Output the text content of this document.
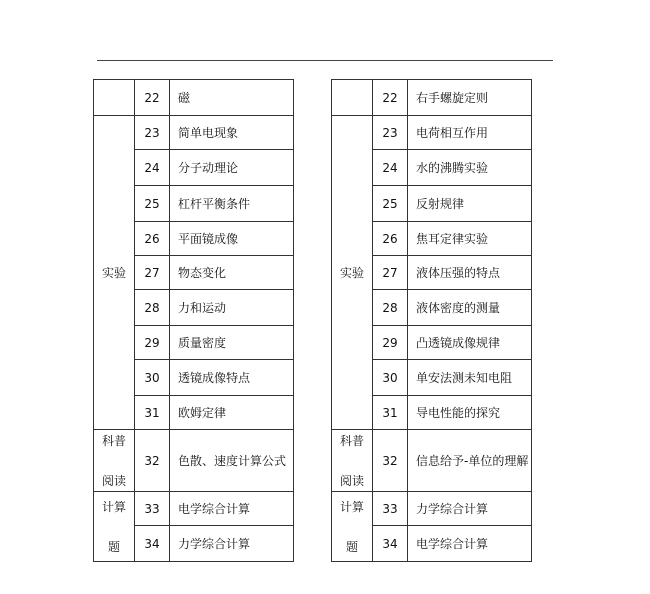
	22	磁
实验	23	简单电现象
	24	分子动理论
	25	杠杆平衡条件
	26	平面镜成像
	27	物态变化
	28	力和运动
	29	质量密度
	30	透镜成像特点
	31	欧姆定律
科普

阅读	32	色散、速度计算公式
计算

题	33	电学综合计算
	34	力学综合计算
	22	右手螺旋定则
实验	23	电荷相互作用
	24	水的沸腾实验
	25	反射规律
	26	焦耳定律实验
	27	液体压强的特点
	28	液体密度的测量
	29	凸透镜成像规律
	30	单安法测未知电阻
	31	导电性能的探究
科普

阅读	32	信息给予-单位的理解
计算

题	33	力学综合计算
	34	电学综合计算
